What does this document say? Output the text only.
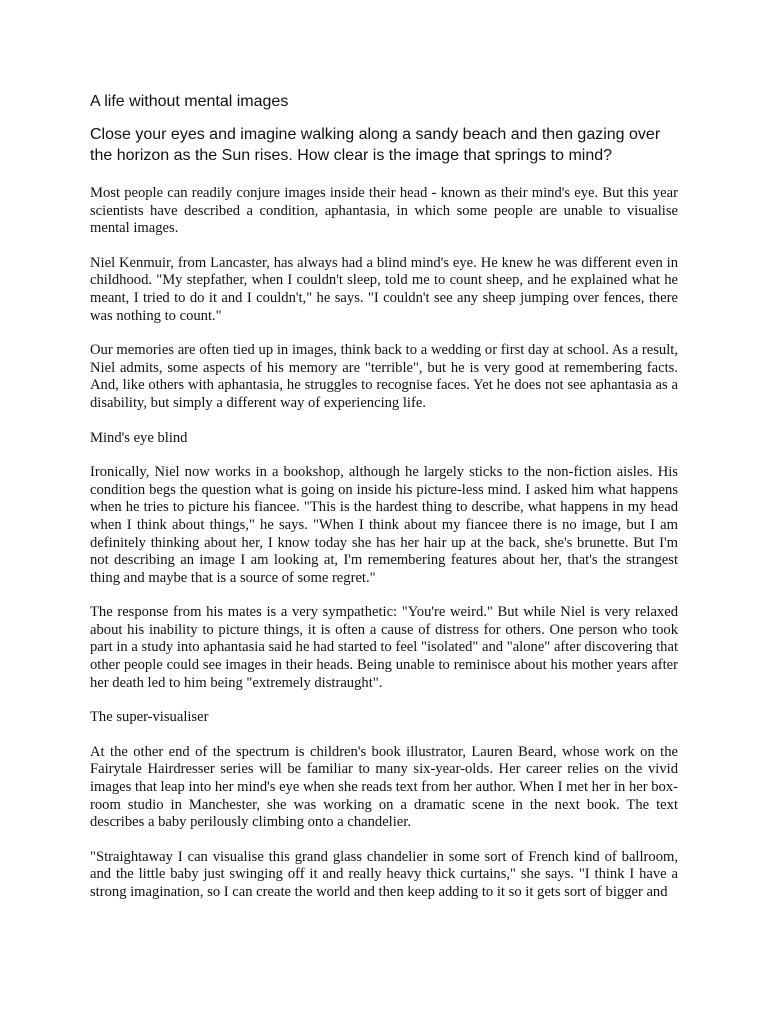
A life without mental images

Close your eyes and imagine walking along a sandy beach and then gazing over the horizon as the Sun rises. How clear is the image that springs to mind?

Most people can readily conjure images inside their head - known as their mind's eye. But this year scientists have described a condition, aphantasia, in which some people are unable to visualise mental images.

Niel Kenmuir, from Lancaster, has always had a blind mind's eye. He knew he was different even in childhood. "My stepfather, when I couldn't sleep, told me to count sheep, and he explained what he meant, I tried to do it and I couldn't," he says. "I couldn't see any sheep jumping over fences, there was nothing to count."

Our memories are often tied up in images, think back to a wedding or first day at school. As a result, Niel admits, some aspects of his memory are "terrible", but he is very good at remembering facts. And, like others with aphantasia, he struggles to recognise faces. Yet he does not see aphantasia as a disability, but simply a different way of experiencing life.

Mind's eye blind

Ironically, Niel now works in a bookshop, although he largely sticks to the non-fiction aisles. His condition begs the question what is going on inside his picture-less mind. I asked him what happens when he tries to picture his fiancee. "This is the hardest thing to describe, what happens in my head when I think about things," he says. "When I think about my fiancee there is no image, but I am definitely thinking about her, I know today she has her hair up at the back, she's brunette. But I'm not describing an image I am looking at, I'm remembering features about her, that's the strangest thing and maybe that is a source of some regret."

The response from his mates is a very sympathetic: "You're weird." But while Niel is very relaxed about his inability to picture things, it is often a cause of distress for others. One person who took part in a study into aphantasia said he had started to feel "isolated" and "alone" after discovering that other people could see images in their heads. Being unable to reminisce about his mother years after her death led to him being "extremely distraught".

The super-visualiser

At the other end of the spectrum is children's book illustrator, Lauren Beard, whose work on the Fairytale Hairdresser series will be familiar to many six-year-olds. Her career relies on the vivid images that leap into her mind's eye when she reads text from her author. When I met her in her box-room studio in Manchester, she was working on a dramatic scene in the next book. The text describes a baby perilously climbing onto a chandelier.

"Straightaway I can visualise this grand glass chandelier in some sort of French kind of ballroom, and the little baby just swinging off it and really heavy thick curtains," she says. "I think I have a strong imagination, so I can create the world and then keep adding to it so it gets sort of bigger and
